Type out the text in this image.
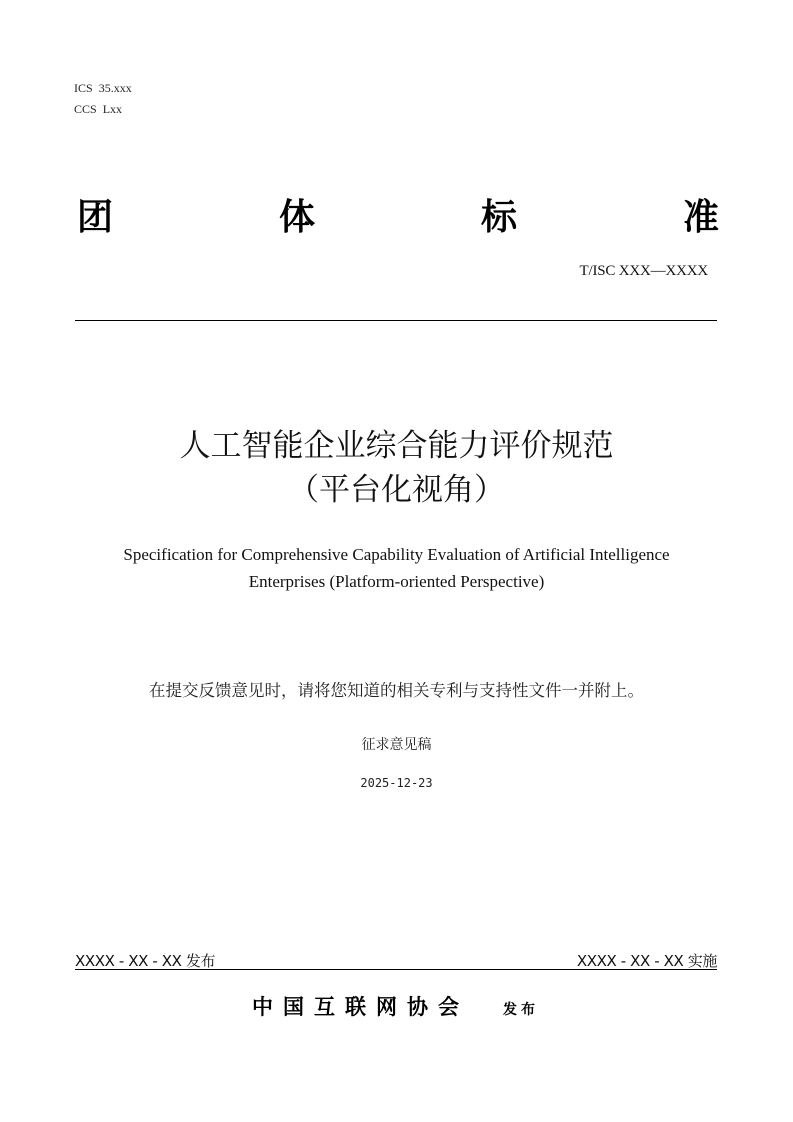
ICS 35.xxx
CCS Lxx
团	体	标	准
T/ISC XXX—XXXX
人工智能企业综合能力评价规范
（平台化视角）
Specification for Comprehensive Capability Evaluation of Artificial Intelligence
Enterprises (Platform-oriented Perspective)
在提交反馈意见时，请将您知道的相关专利与支持性文件一并附上。
征求意见稿
2025-12-23
XXXX - XX - XX 发布	XXXX - XX - XX 实施
中国互联网协会 发布
